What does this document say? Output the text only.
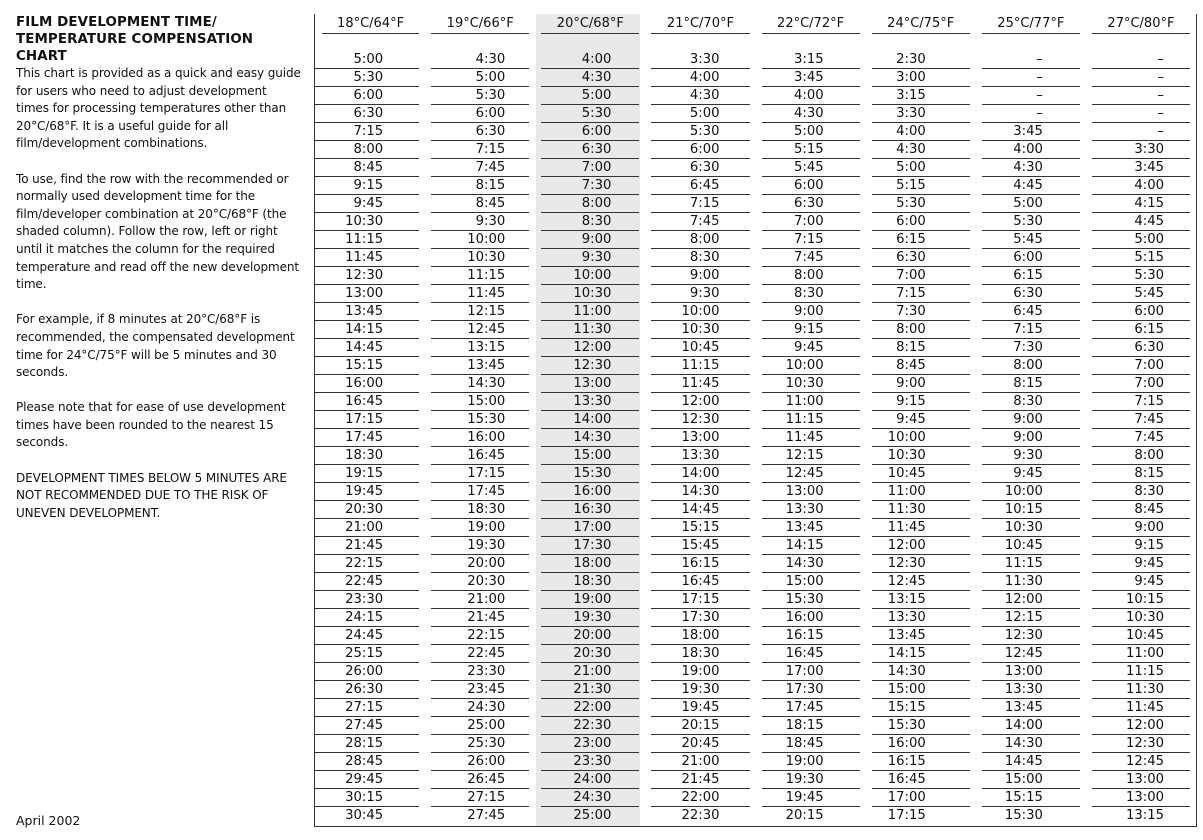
FILM DEVELOPMENT TIME/ TEMPERATURE COMPENSATION CHART

This chart is provided as a quick and easy guide for users who need to adjust development times for processing temperatures other than 20°C/68°F. It is a useful guide for all film/development combinations.

To use, find the row with the recommended or normally used development time for the film/developer combination at 20°C/68°F (the shaded column). Follow the row, left or right until it matches the column for the required temperature and read off the new development time.

For example, if 8 minutes at 20°C/68°F is recommended, the compensated development time for 24°C/75°F will be 5 minutes and 30 seconds.

Please note that for ease of use development times have been rounded to the nearest 15 seconds.

DEVELOPMENT TIMES BELOW 5 MINUTES ARE NOT RECOMMENDED DUE TO THE RISK OF UNEVEN DEVELOPMENT.

April 2002
18°C/64°F	19°C/66°F	20°C/68°F	21°C/70°F	22°C/72°F	24°C/75°F	25°C/77°F	27°C/80°F

5:00	4:30	4:00	3:30	3:15	2:30	–	–

5:30	5:00	4:30	4:00	3:45	3:00	–	–

6:00	5:30	5:00	4:30	4:00	3:15	–	–

6:30	6:00	5:30	5:00	4:30	3:30	–	–

7:15	6:30	6:00	5:30	5:00	4:00	3:45	–

8:00	7:15	6:30	6:00	5:15	4:30	4:00	3:30

8:45	7:45	7:00	6:30	5:45	5:00	4:30	3:45

9:15	8:15	7:30	6:45	6:00	5:15	4:45	4:00

9:45	8:45	8:00	7:15	6:30	5:30	5:00	4:15

10:30	9:30	8:30	7:45	7:00	6:00	5:30	4:45

11:15	10:00	9:00	8:00	7:15	6:15	5:45	5:00

11:45	10:30	9:30	8:30	7:45	6:30	6:00	5:15

12:30	11:15	10:00	9:00	8:00	7:00	6:15	5:30

13:00	11:45	10:30	9:30	8:30	7:15	6:30	5:45

13:45	12:15	11:00	10:00	9:00	7:30	6:45	6:00

14:15	12:45	11:30	10:30	9:15	8:00	7:15	6:15

14:45	13:15	12:00	10:45	9:45	8:15	7:30	6:30

15:15	13:45	12:30	11:15	10:00	8:45	8:00	7:00

16:00	14:30	13:00	11:45	10:30	9:00	8:15	7:00

16:45	15:00	13:30	12:00	11:00	9:15	8:30	7:15

17:15	15:30	14:00	12:30	11:15	9:45	9:00	7:45

17:45	16:00	14:30	13:00	11:45	10:00	9:00	7:45

18:30	16:45	15:00	13:30	12:15	10:30	9:30	8:00

19:15	17:15	15:30	14:00	12:45	10:45	9:45	8:15

19:45	17:45	16:00	14:30	13:00	11:00	10:00	8:30

20:30	18:30	16:30	14:45	13:30	11:30	10:15	8:45

21:00	19:00	17:00	15:15	13:45	11:45	10:30	9:00

21:45	19:30	17:30	15:45	14:15	12:00	10:45	9:15

22:15	20:00	18:00	16:15	14:30	12:30	11:15	9:45

22:45	20:30	18:30	16:45	15:00	12:45	11:30	9:45

23:30	21:00	19:00	17:15	15:30	13:15	12:00	10:15

24:15	21:45	19:30	17:30	16:00	13:30	12:15	10:30

24:45	22:15	20:00	18:00	16:15	13:45	12:30	10:45

25:15	22:45	20:30	18:30	16:45	14:15	12:45	11:00

26:00	23:30	21:00	19:00	17:00	14:30	13:00	11:15

26:30	23:45	21:30	19:30	17:30	15:00	13:30	11:30

27:15	24:30	22:00	19:45	17:45	15:15	13:45	11:45

27:45	25:00	22:30	20:15	18:15	15:30	14:00	12:00

28:15	25:30	23:00	20:45	18:45	16:00	14:30	12:30

28:45	26:00	23:30	21:00	19:00	16:15	14:45	12:45

29:45	26:45	24:00	21:45	19:30	16:45	15:00	13:00

30:15	27:15	24:30	22:00	19:45	17:00	15:15	13:00

30:45	27:45	25:00	22:30	20:15	17:15	15:30	13:15
